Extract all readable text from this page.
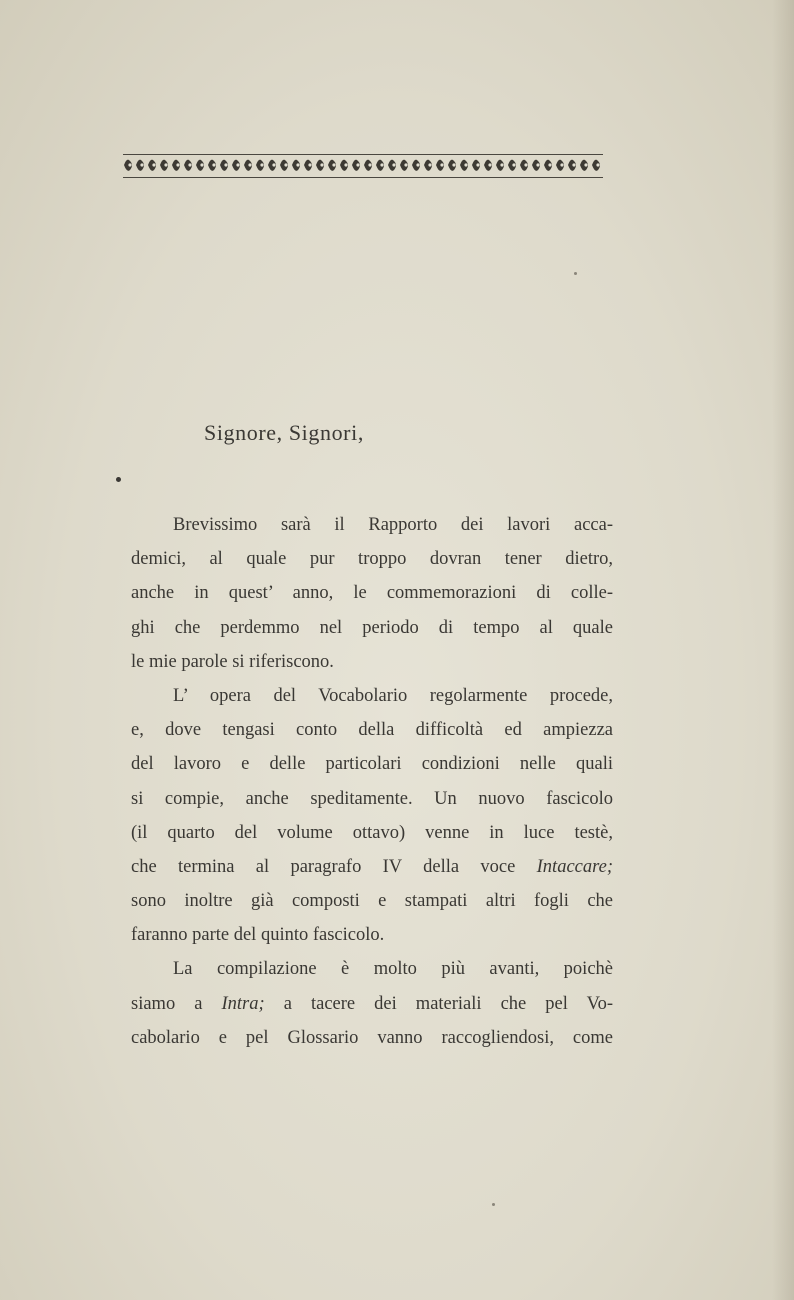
Signore, Signori,
Brevissimo sarà il Rapporto dei lavori acca-
demici, al quale pur troppo dovran tener dietro,
anche in quest’ anno, le commemorazioni di colle-
ghi che perdemmo nel periodo di tempo al quale
le mie parole si riferiscono.
L’ opera del Vocabolario regolarmente procede,
e, dove tengasi conto della difficoltà ed ampiezza
del lavoro e delle particolari condizioni nelle quali
si compie, anche speditamente. Un nuovo fascicolo
(il quarto del volume ottavo) venne in luce testè,
che termina al paragrafo IV della voce Intaccare;
sono inoltre già composti e stampati altri fogli che
faranno parte del quinto fascicolo.
La compilazione è molto più avanti, poichè
siamo a Intra; a tacere dei materiali che pel Vo-
cabolario e pel Glossario vanno raccogliendosi, come
